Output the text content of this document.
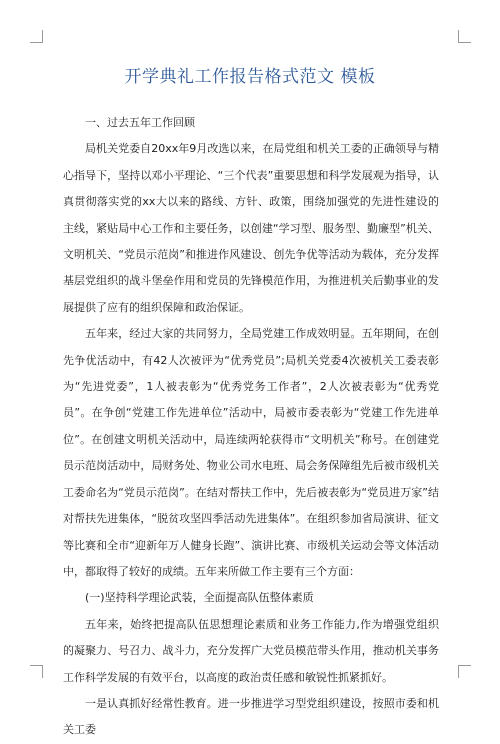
开学典礼工作报告格式范文 模板

一、过去五年工作回顾

局机关党委自20xx年9月改选以来，在局党组和机关工委的正确领导与精心指导下，坚持以邓小平理论、“三个代表”重要思想和科学发展观为指导，认真贯彻落实党的xx大以来的路线、方针、政策，围绕加强党的先进性建设的主线，紧贴局中心工作和主要任务，以创建“学习型、服务型、勤廉型”机关、文明机关、“党员示范岗”和推进作风建设、创先争优等活动为载体，充分发挥基层党组织的战斗堡垒作用和党员的先锋模范作用，为推进机关后勤事业的发展提供了应有的组织保障和政治保证。

五年来，经过大家的共同努力，全局党建工作成效明显。五年期间，在创先争优活动中，有42人次被评为“优秀党员”;局机关党委4次被机关工委表彰为“先进党委”，1人被表彰为“优秀党务工作者”，2人次被表彰为“优秀党员”。在争创“党建工作先进单位”活动中，局被市委表彰为“党建工作先进单位”。在创建文明机关活动中，局连续两轮获得市“文明机关”称号。在创建党员示范岗活动中，局财务处、物业公司水电班、局会务保障组先后被市级机关工委命名为“党员示范岗”。在结对帮扶工作中，先后被表彰为“党员进万家”结对帮扶先进集体，“脱贫攻坚四季活动先进集体”。在组织参加省局演讲、征文等比赛和全市“迎新年万人健身长跑”、演讲比赛、市级机关运动会等文体活动中，都取得了较好的成绩。五年来所做工作主要有三个方面：

(一)坚持科学理论武装，全面提高队伍整体素质

五年来，始终把提高队伍思想理论素质和业务工作能力,作为增强党组织的凝聚力、号召力、战斗力，充分发挥广大党员模范带头作用，推动机关事务工作科学发展的有效平台，以高度的政治责任感和敏锐性抓紧抓好。

一是认真抓好经常性教育。进一步推进学习型党组织建设，按照市委和机关工委
